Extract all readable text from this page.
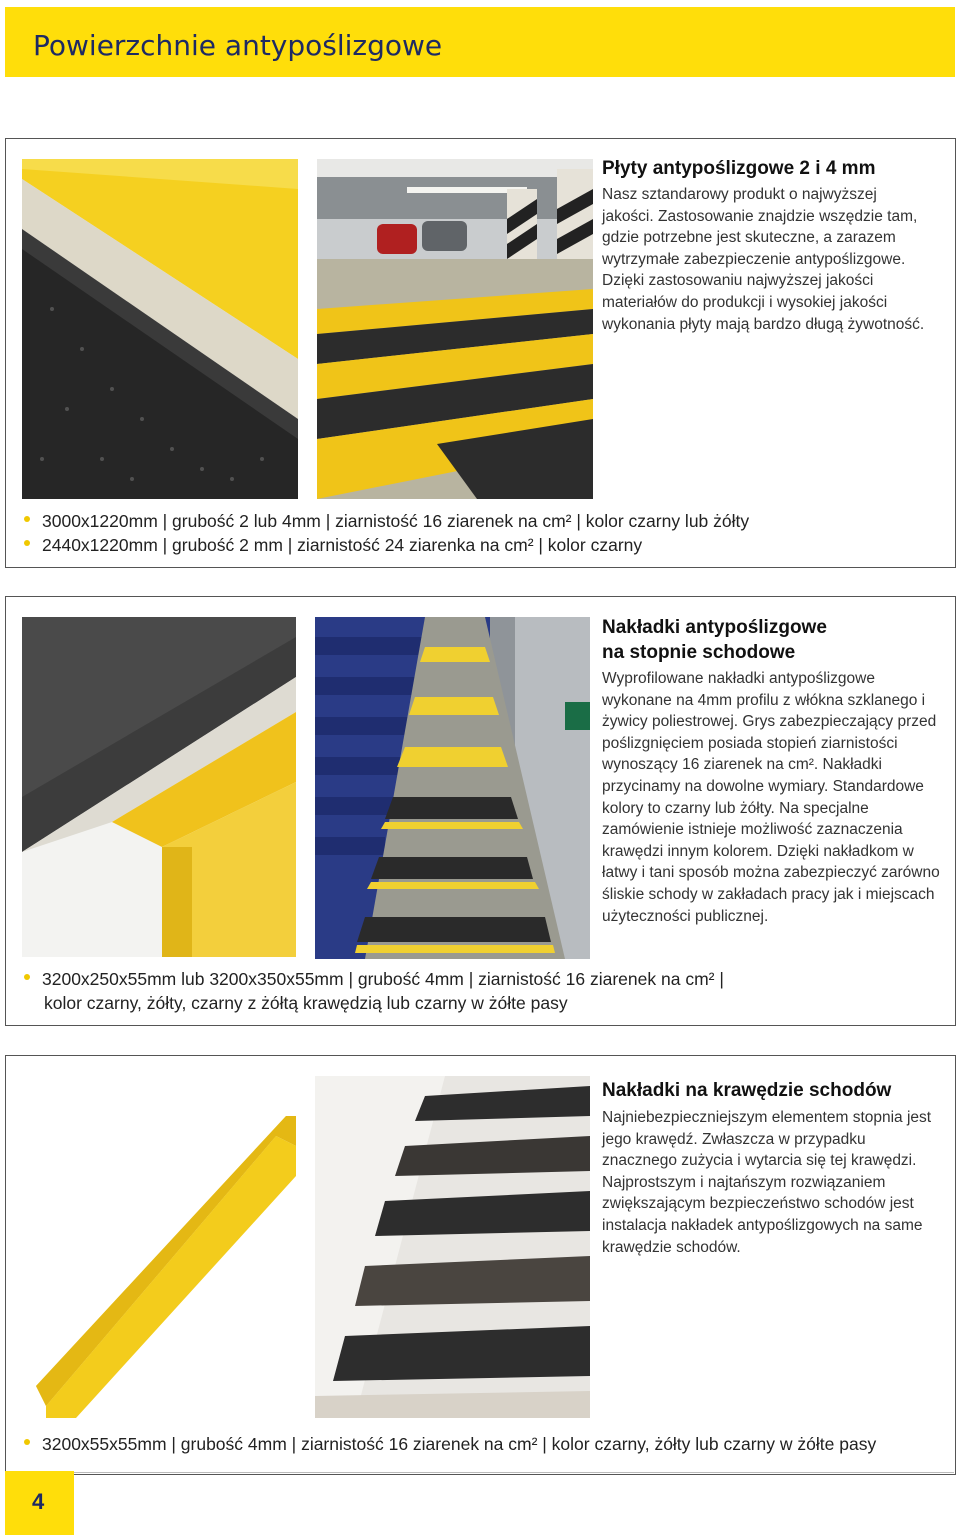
Powierzchnie antypoślizgowe
Płyty antypoślizgowe 2 i 4 mm
Nasz sztandarowy produkt o najwyższej jakości. Zastosowanie znajdzie wszędzie tam, gdzie potrzebne jest skuteczne, a zarazem wytrzymałe zabezpieczenie antypoślizgowe. Dzięki zastosowaniu najwyższej jakości materiałów do produkcji i wysokiej jakości wykonania płyty mają bardzo długą żywotność.
3000x1220mm | grubość 2 lub 4mm | ziarnistość 16 ziarenek na cm² | kolor czarny lub żółty
2440x1220mm | grubość 2 mm | ziarnistość 24 ziarenka na cm² | kolor czarny
Nakładki antypoślizgowe
na stopnie schodowe
Wyprofilowane nakładki antypoślizgowe wykonane na 4mm profilu z włókna szklanego i żywicy poliestrowej. Grys zabezpieczający przed poślizgnięciem posiada stopień ziarnistości wynoszący 16 ziarenek na cm². Nakładki przycinamy na dowolne wymiary. Standardowe kolory to czarny lub żółty. Na specjalne zamówienie istnieje możliwość zaznaczenia krawędzi innym kolorem. Dzięki nakładkom w łatwy i tani sposób można zabezpieczyć zarówno śliskie schody w zakładach pracy jak i miejscach użyteczności publicznej.
3200x250x55mm lub 3200x350x55mm | grubość 4mm | ziarnistość 16 ziarenek na cm² |
kolor czarny, żółty, czarny z żółtą krawędzią lub czarny w żółte pasy
Nakładki na krawędzie schodów
Najniebezpieczniejszym elementem stopnia jest jego krawędź. Zwłaszcza w przypadku znacznego zużycia i wytarcia się tej krawędzi. Najprostszym i najtańszym rozwiązaniem zwiększającym bezpieczeństwo schodów jest instalacja nakładek antypoślizgowych na same krawędzie schodów.
3200x55x55mm | grubość 4mm | ziarnistość 16 ziarenek na cm² | kolor czarny, żółty lub czarny w żółte pasy
4
